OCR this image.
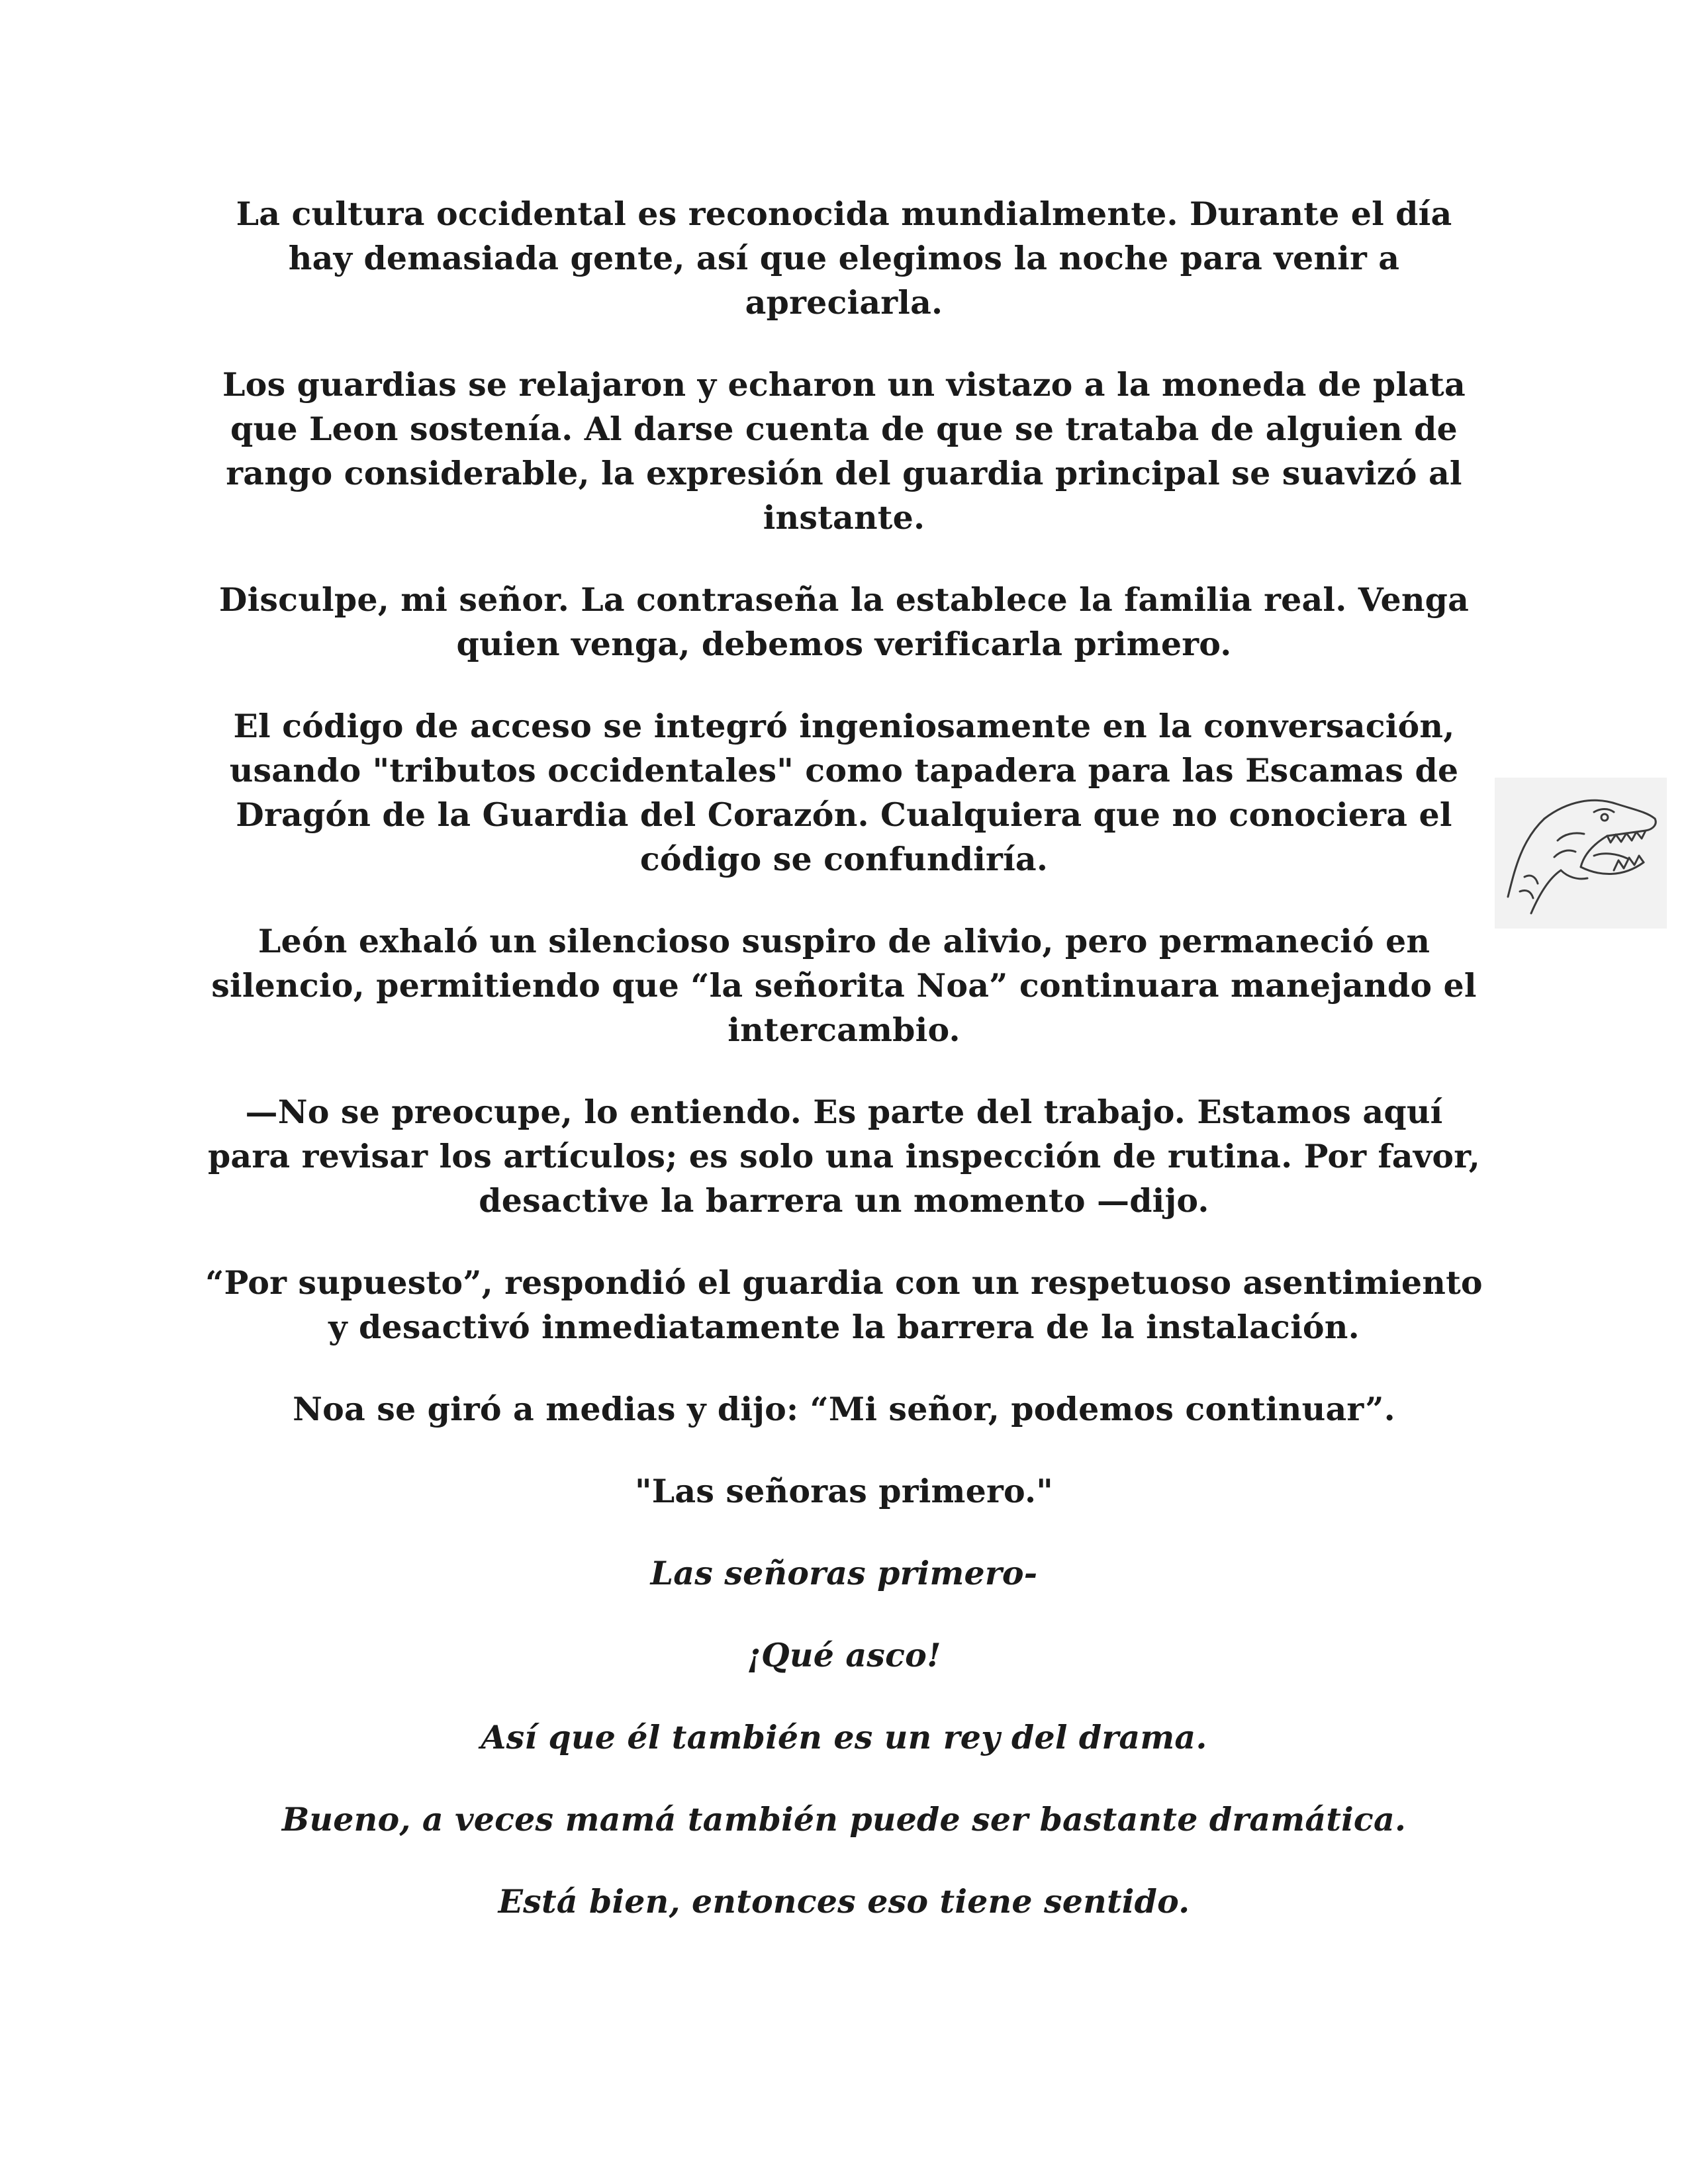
La cultura occidental es reconocida mundialmente. Durante el día hay demasiada gente, así que elegimos la noche para venir a apreciarla.

Los guardias se relajaron y echaron un vistazo a la moneda de plata que Leon sostenía. Al darse cuenta de que se trataba de alguien de rango considerable, la expresión del guardia principal se suavizó al instante.

Disculpe, mi señor. La contraseña la establece la familia real. Venga quien venga, debemos verificarla primero.

El código de acceso se integró ingeniosamente en la conversación, usando "tributos occidentales" como tapadera para las Escamas de Dragón de la Guardia del Corazón. Cualquiera que no conociera el código se confundiría.

León exhaló un silencioso suspiro de alivio, pero permaneció en silencio, permitiendo que “la señorita Noa” continuara manejando el intercambio.

—No se preocupe, lo entiendo. Es parte del trabajo. Estamos aquí para revisar los artículos; es solo una inspección de rutina. Por favor, desactive la barrera un momento —dijo.

“Por supuesto”, respondió el guardia con un respetuoso asentimiento y desactivó inmediatamente la barrera de la instalación.

Noa se giró a medias y dijo: “Mi señor, podemos continuar”.

"Las señoras primero."

Las señoras primero-

¡Qué asco!

Así que él también es un rey del drama.

Bueno, a veces mamá también puede ser bastante dramática.

Está bien, entonces eso tiene sentido.
